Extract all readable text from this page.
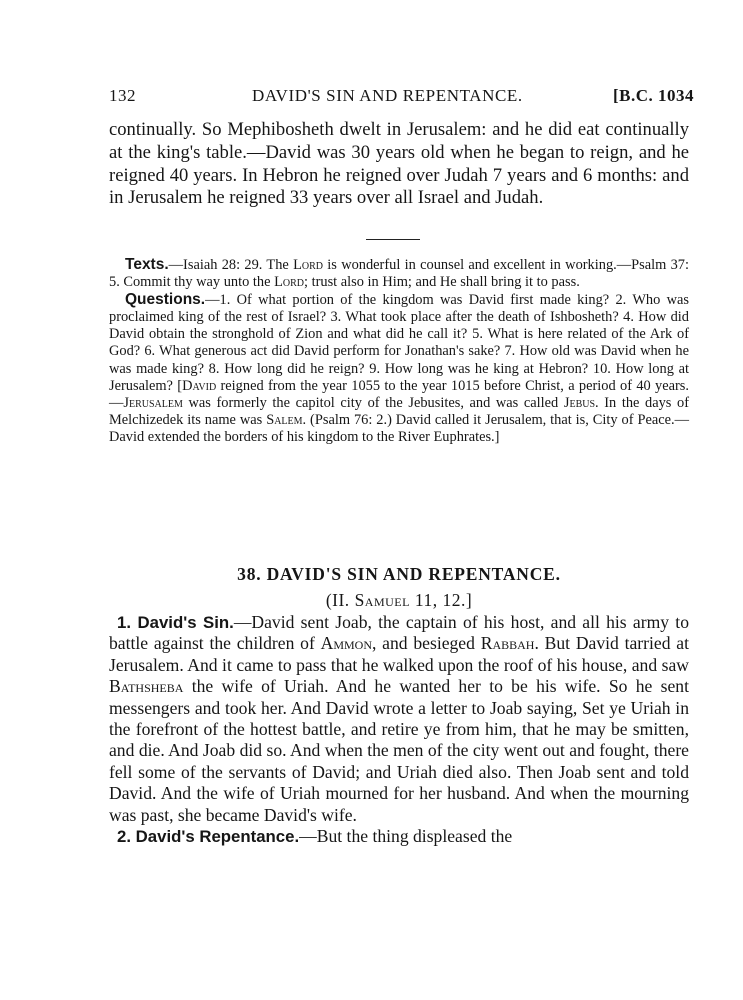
132	DAVID'S SIN AND REPENTANCE.	[B.C. 1034

continually. So Mephibosheth dwelt in Jerusalem: and he did eat continually at the king's table.—David was 30 years old when he began to reign, and he reigned 40 years. In Hebron he reigned over Judah 7 years and 6 months: and in Jerusalem he reigned 33 years over all Israel and Judah.

Texts.—Isaiah 28: 29. The Lord is wonderful in counsel and excellent in working.—Psalm 37: 5. Commit thy way unto the Lord; trust also in Him; and He shall bring it to pass.

Questions.—1. Of what portion of the kingdom was David first made king? 2. Who was proclaimed king of the rest of Israel? 3. What took place after the death of Ishbosheth? 4. How did David obtain the stronghold of Zion and what did he call it? 5. What is here related of the Ark of God? 6. What generous act did David perform for Jonathan's sake? 7. How old was David when he was made king? 8. How long did he reign? 9. How long was he king at Hebron? 10. How long at Jerusalem? [David reigned from the year 1055 to the year 1015 before Christ, a period of 40 years.—Jerusalem was formerly the capitol city of the Jebusites, and was called Jebus. In the days of Melchizedek its name was Salem. (Psalm 76: 2.) David called it Jerusalem, that is, City of Peace.—David extended the borders of his kingdom to the River Euphrates.]

38. DAVID'S SIN AND REPENTANCE.
(II. Samuel 11, 12.]

1. David's Sin.—David sent Joab, the captain of his host, and all his army to battle against the children of Ammon, and besieged Rabbah. But David tarried at Jerusalem. And it came to pass that he walked upon the roof of his house, and saw Bathsheba the wife of Uriah. And he wanted her to be his wife. So he sent messengers and took her. And David wrote a letter to Joab saying, Set ye Uriah in the forefront of the hottest battle, and retire ye from him, that he may be smitten, and die. And Joab did so. And when the men of the city went out and fought, there fell some of the servants of David; and Uriah died also. Then Joab sent and told David. And the wife of Uriah mourned for her husband. And when the mourning was past, she became David's wife.

2. David's Repentance.—But the thing displeased the
